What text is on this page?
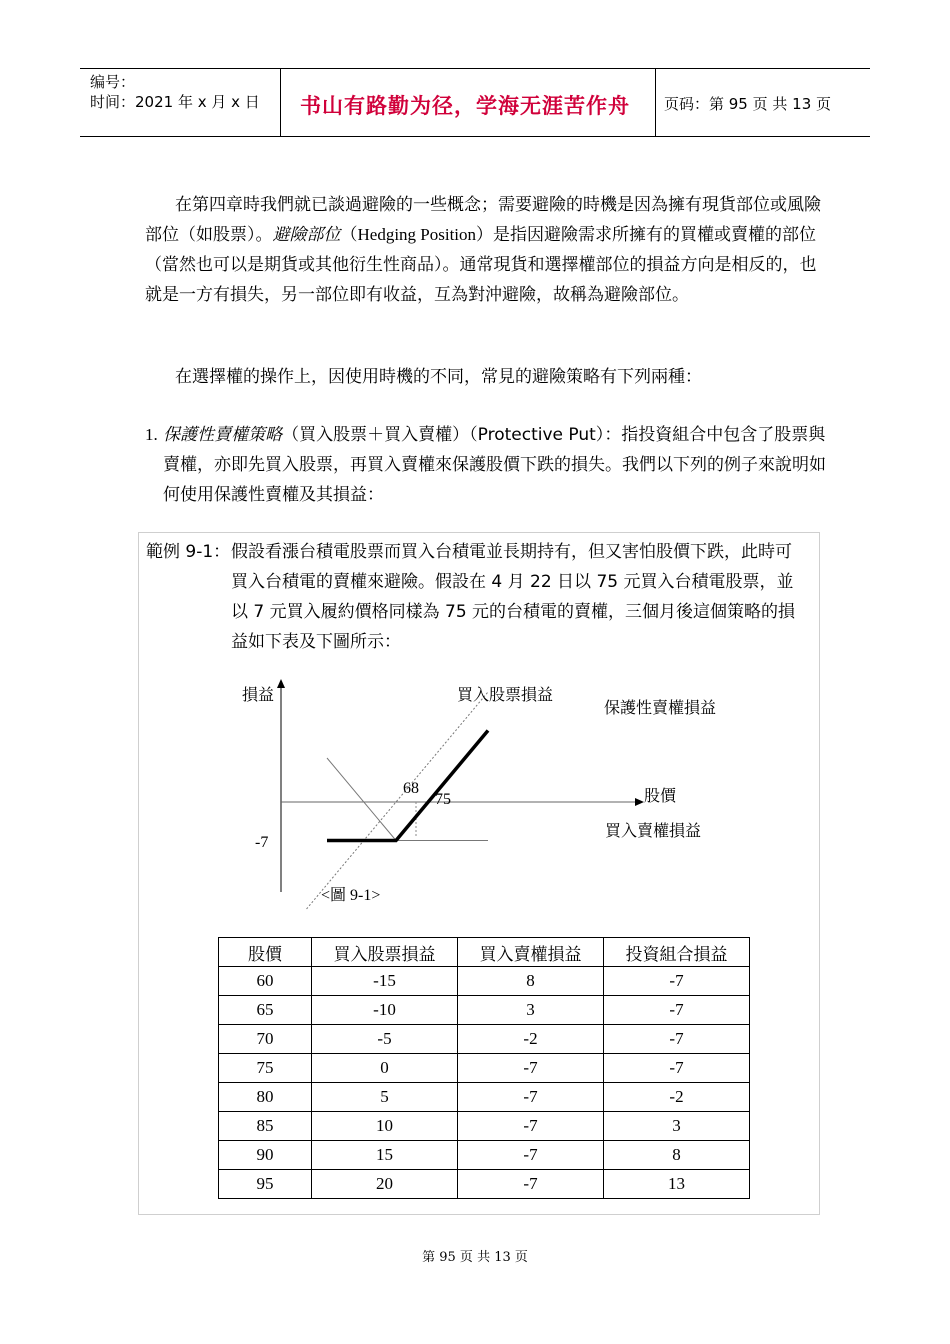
编号：
时间：2021 年 x 月 x 日 书山有路勤为径，学海无涯苦作舟 页码：第 95 页 共 13 页

在第四章時我們就已談過避險的一些概念；需要避險的時機是因為擁有現貨部位或風險部位（如股票）。避險部位（Hedging Position）是指因避險需求所擁有的買權或賣權的部位（當然也可以是期貨或其他衍生性商品）。通常現貨和選擇權部位的損益方向是相反的，也就是一方有損失，另一部位即有收益，互為對沖避險，故稱為避險部位。

在選擇權的操作上，因使用時機的不同，常見的避險策略有下列兩種：

1. 保護性賣權策略（買入股票＋買入賣權）（Protective Put）：指投資組合中包含了股票與賣權，亦即先買入股票，再買入賣權來保護股價下跌的損失。我們以下列的例子來說明如何使用保護性賣權及其損益：

範例 9-1： 假設看漲台積電股票而買入台積電並長期持有，但又害怕股價下跌，此時可買入台積電的賣權來避險。假設在 4 月 22 日以 75 元買入台積電股票，並以 7 元買入履約價格同樣為 75 元的台積電的賣權，三個月後這個策略的損益如下表及下圖所示：
損益
股價
買入股票損益
保護性賣權損益
買入賣權損益
68
75
-7
<圖 9-1>
股價	買入股票損益	買入賣權損益	投資組合損益
60	-15	8	-7
65	-10	3	-7
70	-5	-2	-7
75	0	-7	-7
80	5	-7	-2
85	10	-7	3
90	15	-7	8
95	20	-7	13
第 95 页 共 13 页
